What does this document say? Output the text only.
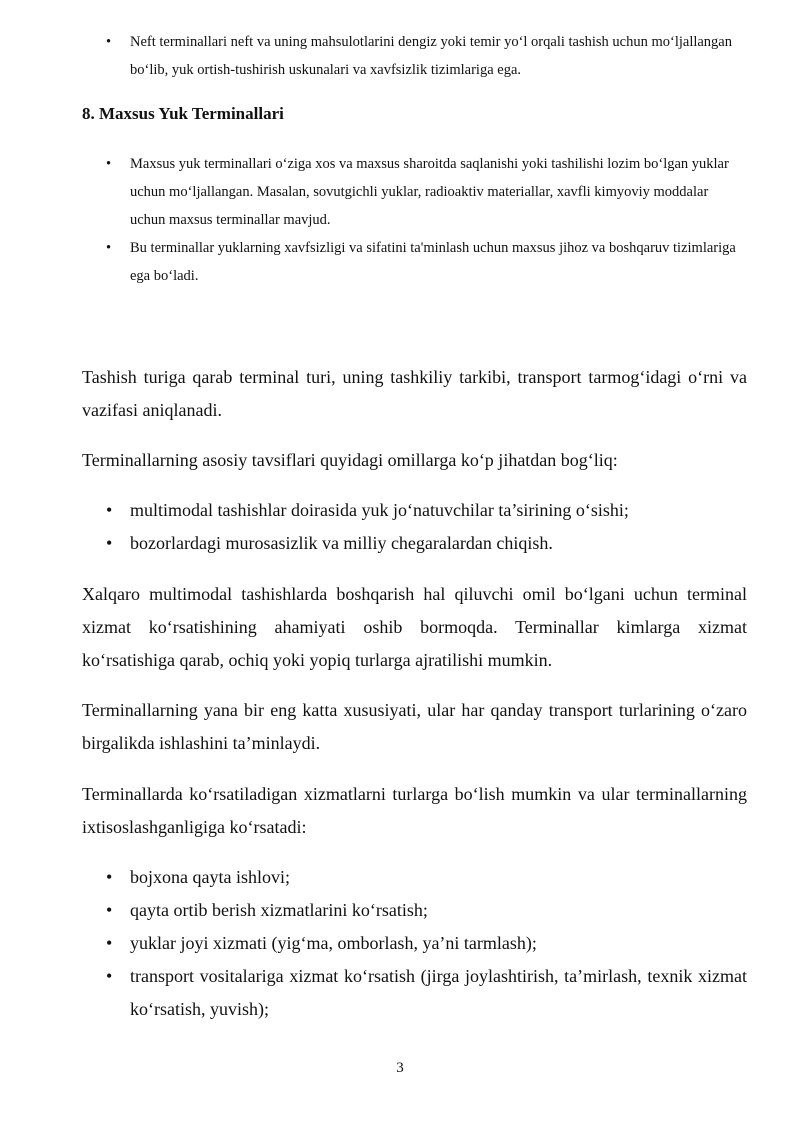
• Neft terminallari neft va uning mahsulotlarini dengiz yoki temir yo‘l orqali tashish uchun mo‘ljallangan bo‘lib, yuk ortish-tushirish uskunalari va xavfsizlik tizimlariga ega.
8. Maxsus Yuk Terminallari
• Maxsus yuk terminallari o‘ziga xos va maxsus sharoitda saqlanishi yoki tashilishi lozim bo‘lgan yuklar uchun mo‘ljallangan. Masalan, sovutgichli yuklar, radioaktiv materiallar, xavfli kimyoviy moddalar uchun maxsus terminallar mavjud.
• Bu terminallar yuklarning xavfsizligi va sifatini ta'minlash uchun maxsus jihoz va boshqaruv tizimlariga ega bo‘ladi.

Tashish turiga qarab terminal turi, uning tashkiliy tarkibi, transport tarmog‘idagi o‘rni va vazifasi aniqlanadi.

Terminallarning asosiy tavsiflari quyidagi omillarga ko‘p jihatdan bog‘liq:

• multimodal tashishlar doirasida yuk jo‘natuvchilar ta’sirining o‘sishi;
• bozorlardagi murosasizlik va milliy chegaralardan chiqish.

Xalqaro multimodal tashishlarda boshqarish hal qiluvchi omil bo‘lgani uchun terminal xizmat ko‘rsatishining ahamiyati oshib bormoqda. Terminallar kimlarga xizmat ko‘rsatishiga qarab, ochiq yoki yopiq turlarga ajratilishi mumkin.

Terminallarning yana bir eng katta xususiyati, ular har qanday transport turlarining o‘zaro birgalikda ishlashini ta’minlaydi.

Terminallarda ko‘rsatiladigan xizmatlarni turlarga bo‘lish mumkin va ular terminallarning ixtisoslashganligiga ko‘rsatadi:

• bojxona qayta ishlovi;
• qayta ortib berish xizmatlarini ko‘rsatish;
• yuklar joyi xizmati (yig‘ma, omborlash, ya’ni tarmlash);
• transport vositalariga xizmat ko‘rsatish (jirga joylashtirish, ta’mirlash, texnik xizmat ko‘rsatish, yuvish);
3
